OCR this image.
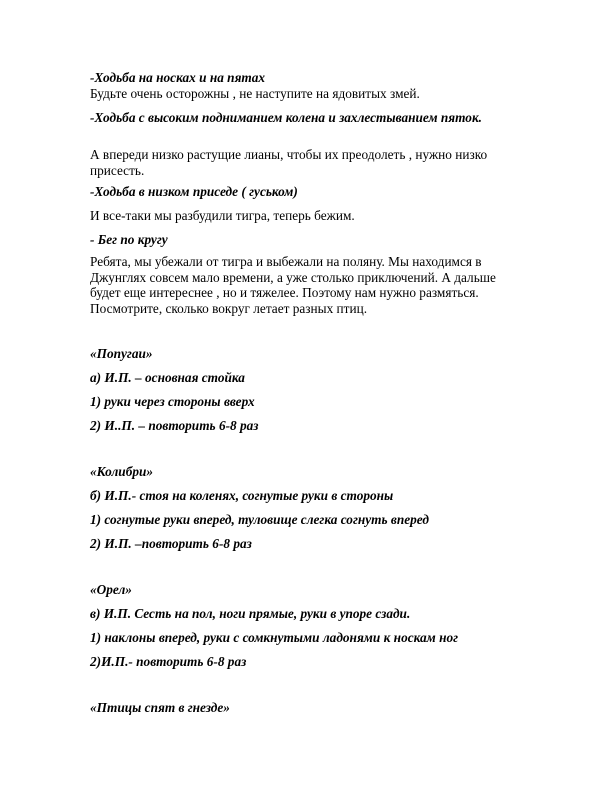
-Ходьба на носках и на пятах

Будьте очень осторожны , не наступите на ядовитых змей.

-Ходьба с высоким подниманием колена и захлестыванием пяток.

А впереди низко растущие лианы, чтобы их преодолеть , нужно низко присесть.

-Ходьба в низком приседе ( гуськом)

И все-таки мы разбудили тигра, теперь бежим.

- Бег по кругу

Ребята, мы убежали от тигра и выбежали на поляну. Мы находимся в Джунглях совсем мало времени, а уже столько приключений. А дальше будет еще интереснее , но и тяжелее. Поэтому нам нужно размяться. Посмотрите, сколько вокруг летает разных птиц.

«Попугаи»

а) И.П. – основная стойка

1) руки через стороны вверх

2) И..П. – повторить 6-8 раз

«Колибри»

б) И.П.- стоя на коленях, согнутые руки в стороны

1) согнутые руки вперед, туловище слегка согнуть вперед

2) И.П. –повторить 6-8 раз

«Орел»

в) И.П. Сесть на пол, ноги прямые, руки в упоре сзади.

1) наклоны вперед, руки с сомкнутыми ладонями к носкам ног

2)И.П.- повторить 6-8 раз

«Птицы спят в гнезде»
